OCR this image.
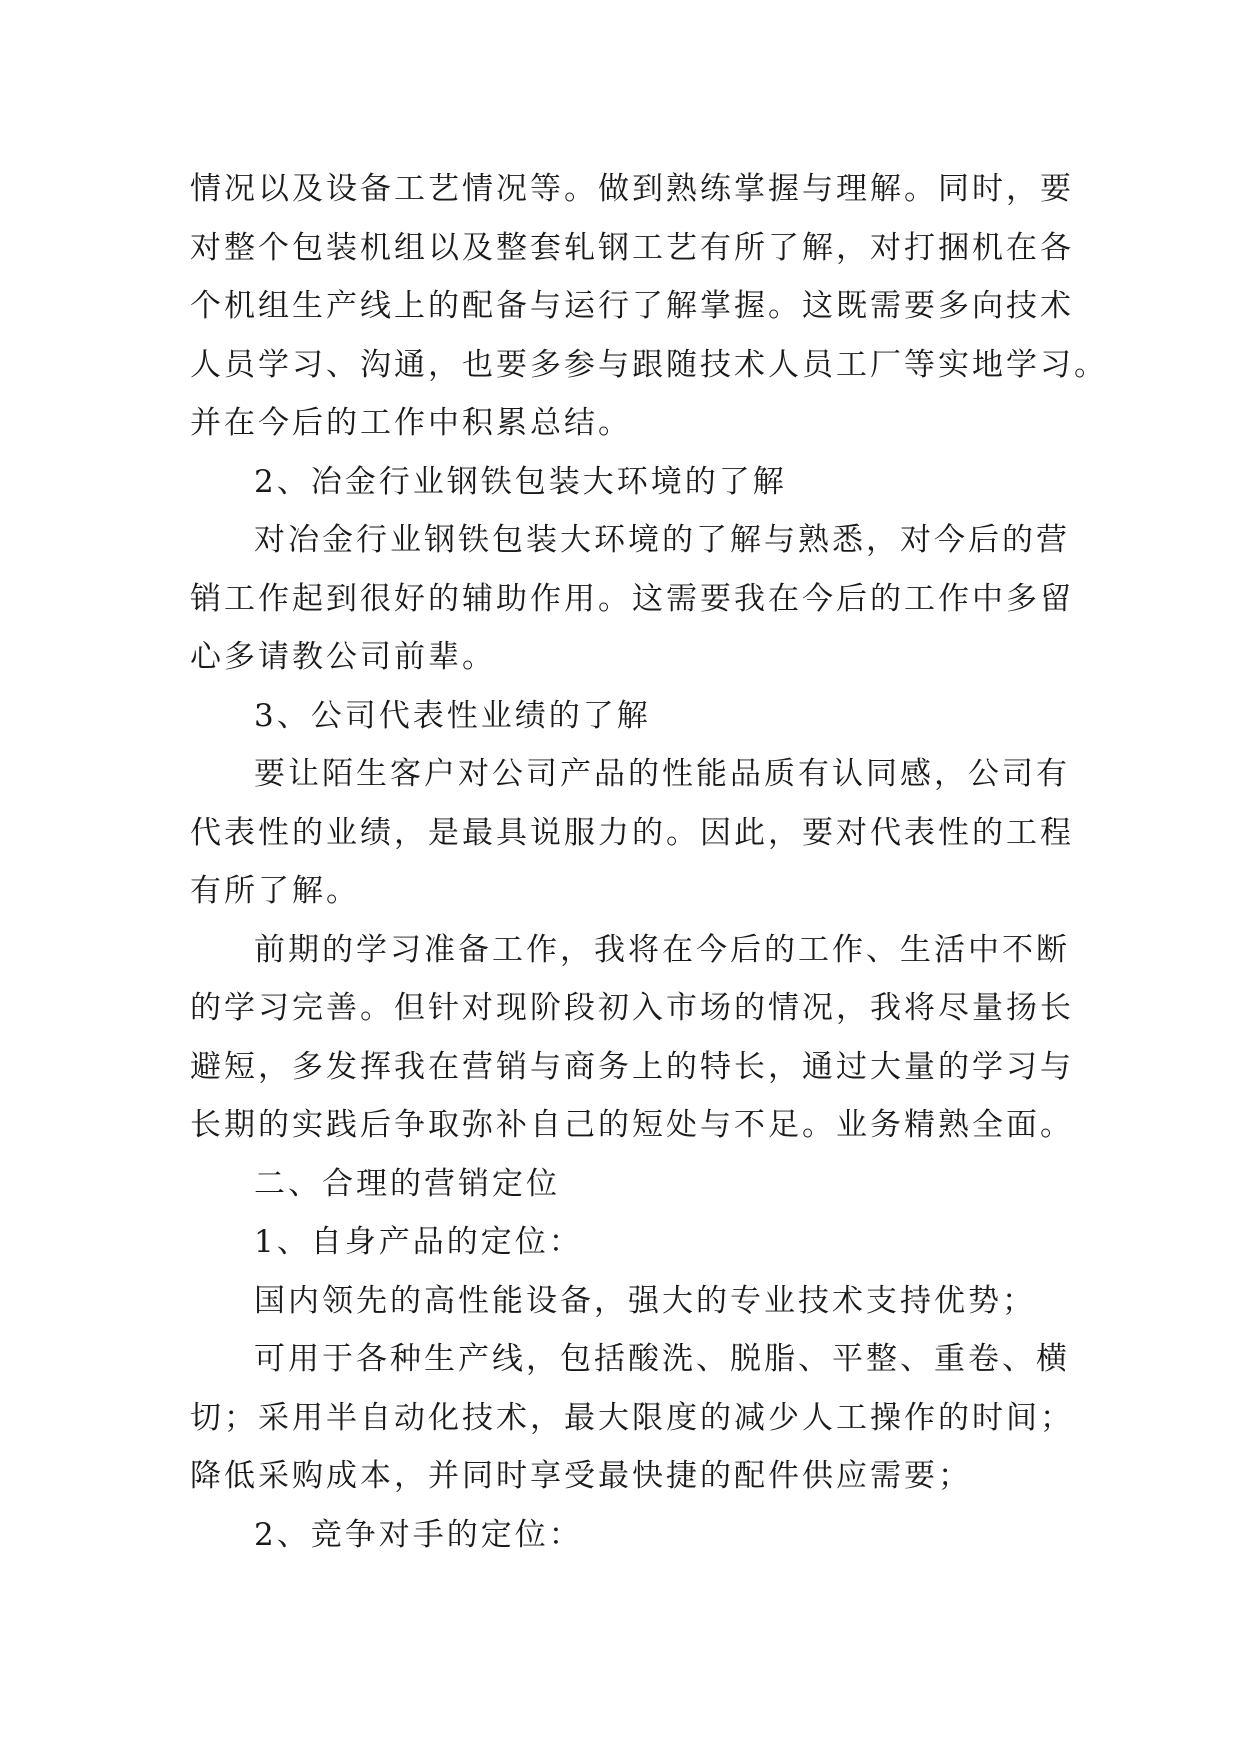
情况以及设备工艺情况等。做到熟练掌握与理解。同时，要

对整个包装机组以及整套轧钢工艺有所了解，对打捆机在各

个机组生产线上的配备与运行了解掌握。这既需要多向技术

人员学习、沟通，也要多参与跟随技术人员工厂等实地学习。

并在今后的工作中积累总结。

2、冶金行业钢铁包装大环境的了解

对冶金行业钢铁包装大环境的了解与熟悉，对今后的营

销工作起到很好的辅助作用。这需要我在今后的工作中多留

心多请教公司前辈。

3、公司代表性业绩的了解

要让陌生客户对公司产品的性能品质有认同感，公司有

代表性的业绩，是最具说服力的。因此，要对代表性的工程

有所了解。

前期的学习准备工作，我将在今后的工作、生活中不断

的学习完善。但针对现阶段初入市场的情况，我将尽量扬长

避短，多发挥我在营销与商务上的特长，通过大量的学习与

长期的实践后争取弥补自己的短处与不足。业务精熟全面。

二、合理的营销定位

1、自身产品的定位：

国内领先的高性能设备，强大的专业技术支持优势；

可用于各种生产线，包括酸洗、脱脂、平整、重卷、横

切；采用半自动化技术，最大限度的减少人工操作的时间；

降低采购成本，并同时享受最快捷的配件供应需要；

2、竞争对手的定位：
